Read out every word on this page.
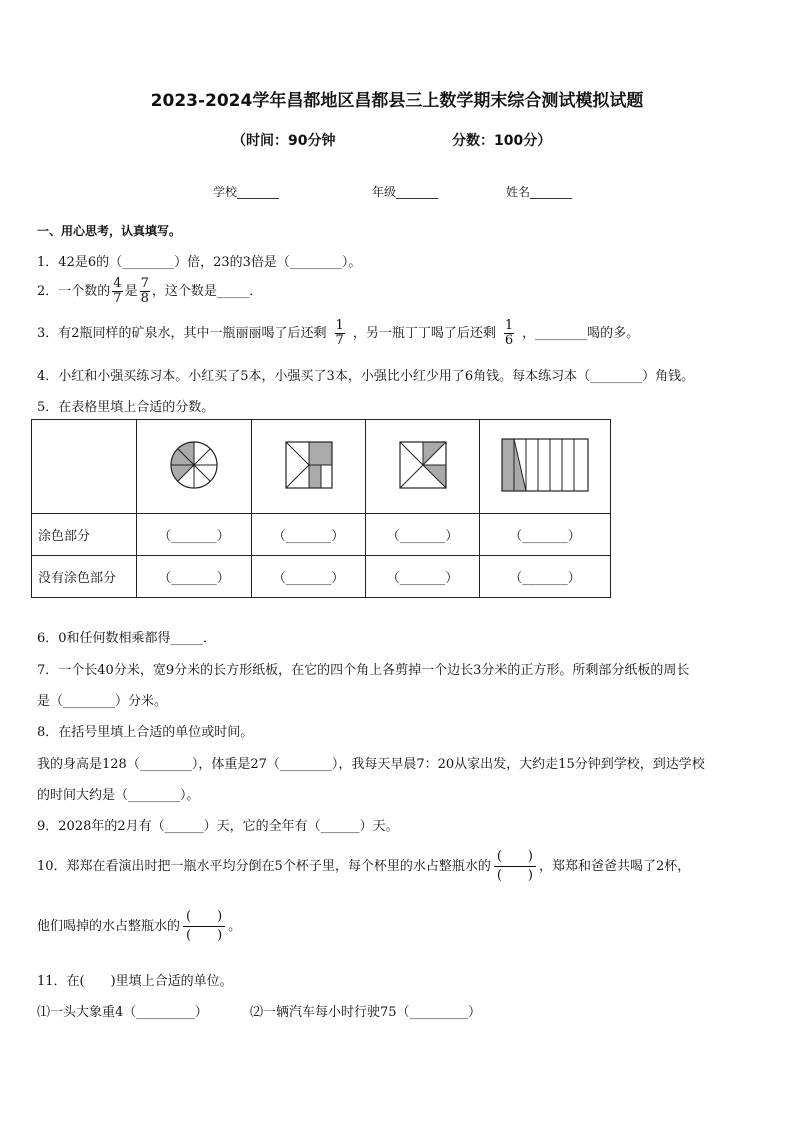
2023-2024学年昌都地区昌都县三上数学期末综合测试模拟试题
（时间：90分钟	分数：100分）
学校_______	年级_______	姓名_______
一、用心思考，认真填写。
1．42是6的（________）倍，23的3倍是（________）。
2．一个数的 $\frac{4}{7}$ 是 $\frac{7}{8}$ ，这个数是_____．
3．有2瓶同样的矿泉水，其中一瓶丽丽喝了后还剩 $\frac{1}{7}$ ，另一瓶丁丁喝了后还剩 $\frac{1}{6}$ ，________喝的多。
4．小红和小强买练习本。小红买了5本，小强买了3本，小强比小红少用了6角钱。每本练习本（________）角钱。
5．在表格里填上合适的分数。

涂色部分	（_______）	（_______）	（_______）	（_______）
没有涂色部分	（_______）	（_______）	（_______）	（_______）
6．0和任何数相乘都得_____．
7．一个长40分米，宽9分米的长方形纸板，在它的四个角上各剪掉一个边长3分米的正方形。所剩部分纸板的周长
是（________）分米。
8．在括号里填上合适的单位或时间。
我的身高是128（________），体重是27（________），我每天早晨7：20从家出发，大约走15分钟到学校，到达学校
的时间大约是（________）。
9．2028年的2月有（______）天，它的全年有（______）天。
10．郑郑在看演出时把一瓶水平均分倒在5个杯子里，每个杯里的水占整瓶水的
(　　)
(　　)
，郑郑和爸爸共喝了2杯，
他们喝掉的水占整瓶水的
(　　)
(　　)
。
11．在(　　)里填上合适的单位。
⑴一头大象重4（_________）	⑵一辆汽车每小时行驶75（_________）
